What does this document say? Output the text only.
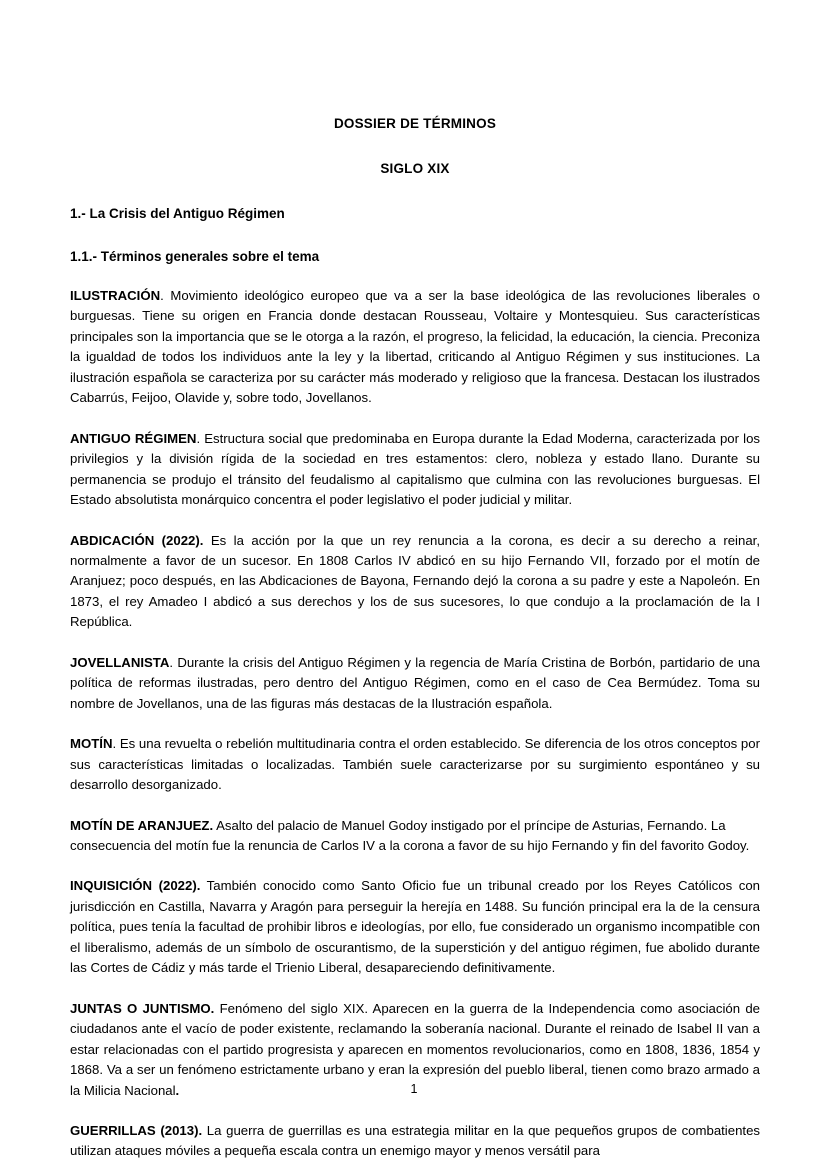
DOSSIER DE TÉRMINOS
SIGLO XIX
1.- La Crisis del Antiguo Régimen
1.1.- Términos generales sobre el tema

ILUSTRACIÓN. Movimiento ideológico europeo que va a ser la base ideológica de las revoluciones liberales o burguesas. Tiene su origen en Francia donde destacan Rousseau, Voltaire y Montesquieu. Sus características principales son la importancia que se le otorga a la razón, el progreso, la felicidad, la educación, la ciencia. Preconiza la igualdad de todos los individuos ante la ley y la libertad, criticando al Antiguo Régimen y sus instituciones. La ilustración española se caracteriza por su carácter más moderado y religioso que la francesa. Destacan los ilustrados Cabarrús, Feijoo, Olavide y, sobre todo, Jovellanos.

ANTIGUO RÉGIMEN. Estructura social que predominaba en Europa durante la Edad Moderna, caracterizada por los privilegios y la división rígida de la sociedad en tres estamentos: clero, nobleza y estado llano. Durante su permanencia se produjo el tránsito del feudalismo al capitalismo que culmina con las revoluciones burguesas. El Estado absolutista monárquico concentra el poder legislativo el poder judicial y militar.

ABDICACIÓN (2022). Es la acción por la que un rey renuncia a la corona, es decir a su derecho a reinar, normalmente a favor de un sucesor. En 1808 Carlos IV abdicó en su hijo Fernando VII, forzado por el motín de Aranjuez; poco después, en las Abdicaciones de Bayona, Fernando dejó la corona a su padre y este a Napoleón. En 1873, el rey Amadeo I abdicó a sus derechos y los de sus sucesores, lo que condujo a la proclamación de la I República.

JOVELLANISTA. Durante la crisis del Antiguo Régimen y la regencia de María Cristina de Borbón, partidario de una política de reformas ilustradas, pero dentro del Antiguo Régimen, como en el caso de Cea Bermúdez. Toma su nombre de Jovellanos, una de las figuras más destacas de la Ilustración española.

MOTÍN. Es una revuelta o rebelión multitudinaria contra el orden establecido. Se diferencia de los otros conceptos por sus características limitadas o localizadas. También suele caracterizarse por su surgimiento espontáneo y su desarrollo desorganizado.

MOTÍN DE ARANJUEZ. Asalto del palacio de Manuel Godoy instigado por el príncipe de Asturias, Fernando. La consecuencia del motín fue la renuncia de Carlos IV a la corona a favor de su hijo Fernando y fin del favorito Godoy.

INQUISICIÓN (2022). También conocido como Santo Oficio fue un tribunal creado por los Reyes Católicos con jurisdicción en Castilla, Navarra y Aragón para perseguir la herejía en 1488. Su función principal era la de la censura política, pues tenía la facultad de prohibir libros e ideologías, por ello, fue considerado un organismo incompatible con el liberalismo, además de un símbolo de oscurantismo, de la superstición y del antiguo régimen, fue abolido durante las Cortes de Cádiz y más tarde el Trienio Liberal, desapareciendo definitivamente.

JUNTAS O JUNTISMO. Fenómeno del siglo XIX. Aparecen en la guerra de la Independencia como asociación de ciudadanos ante el vacío de poder existente, reclamando la soberanía nacional. Durante el reinado de Isabel II van a estar relacionadas con el partido progresista y aparecen en momentos revolucionarios, como en 1808, 1836, 1854 y 1868. Va a ser un fenómeno estrictamente urbano y eran la expresión del pueblo liberal, tienen como brazo armado a la Milicia Nacional.

GUERRILLAS (2013). La guerra de guerrillas es una estrategia militar en la que pequeños grupos de combatientes utilizan ataques móviles a pequeña escala contra un enemigo mayor y menos versátil para

1
